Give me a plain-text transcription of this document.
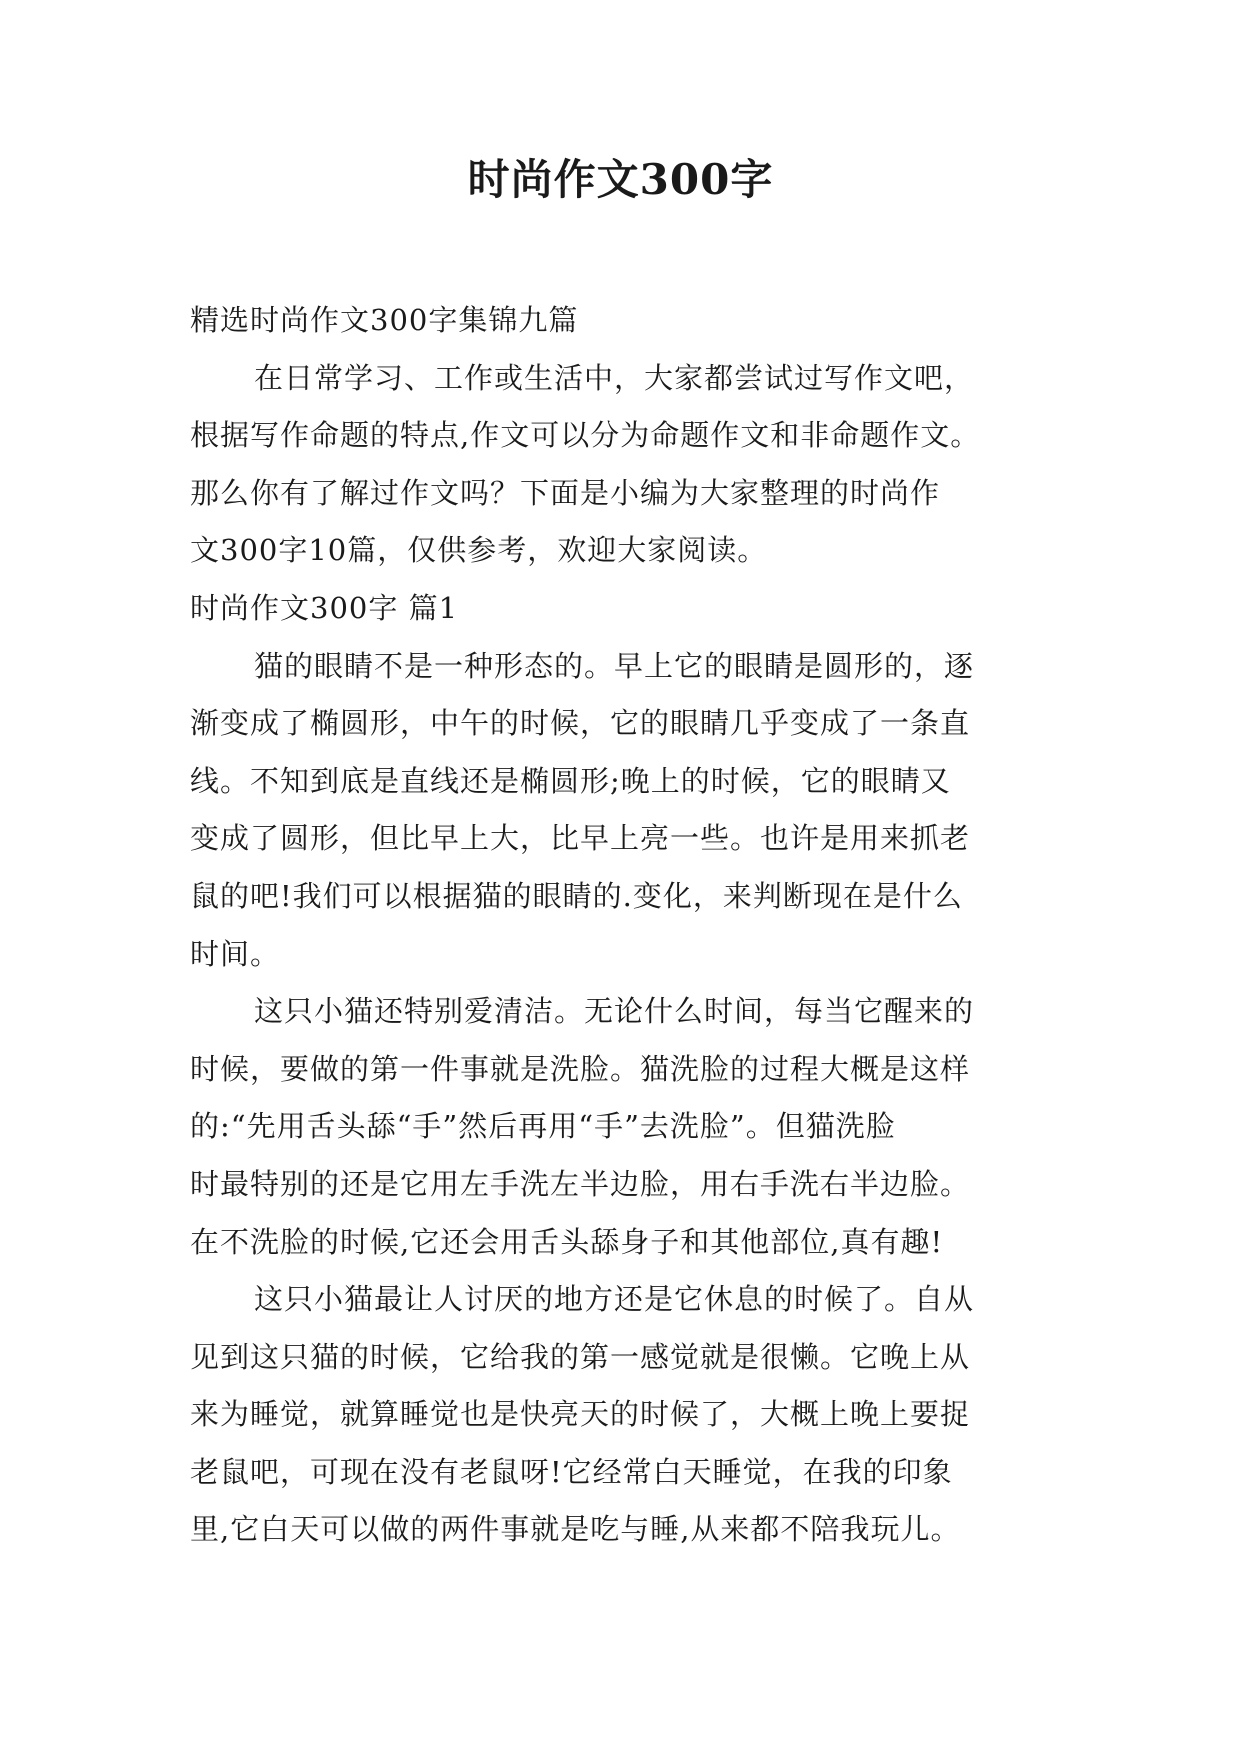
时尚作文300字

精选时尚作文300字集锦九篇

在日常学习、工作或生活中，大家都尝试过写作文吧，

根据写作命题的特点,作文可以分为命题作文和非命题作文。

那么你有了解过作文吗？下面是小编为大家整理的时尚作

文300字10篇，仅供参考，欢迎大家阅读。

时尚作文300字 篇1

猫的眼睛不是一种形态的。早上它的眼睛是圆形的，逐

渐变成了椭圆形，中午的时候，它的眼睛几乎变成了一条直

线。不知到底是直线还是椭圆形;晚上的时候，它的眼睛又

变成了圆形，但比早上大，比早上亮一些。也许是用来抓老

鼠的吧!我们可以根据猫的眼睛的.变化，来判断现在是什么

时间。

这只小猫还特别爱清洁。无论什么时间，每当它醒来的

时候，要做的第一件事就是洗脸。猫洗脸的过程大概是这样

的:“先用舌头舔“手”然后再用“手”去洗脸”。但猫洗脸

时最特别的还是它用左手洗左半边脸，用右手洗右半边脸。

在不洗脸的时候,它还会用舌头舔身子和其他部位,真有趣!

这只小猫最让人讨厌的地方还是它休息的时候了。自从

见到这只猫的时候，它给我的第一感觉就是很懒。它晚上从

来为睡觉，就算睡觉也是快亮天的时候了，大概上晚上要捉

老鼠吧，可现在没有老鼠呀!它经常白天睡觉，在我的印象

里,它白天可以做的两件事就是吃与睡,从来都不陪我玩儿。
